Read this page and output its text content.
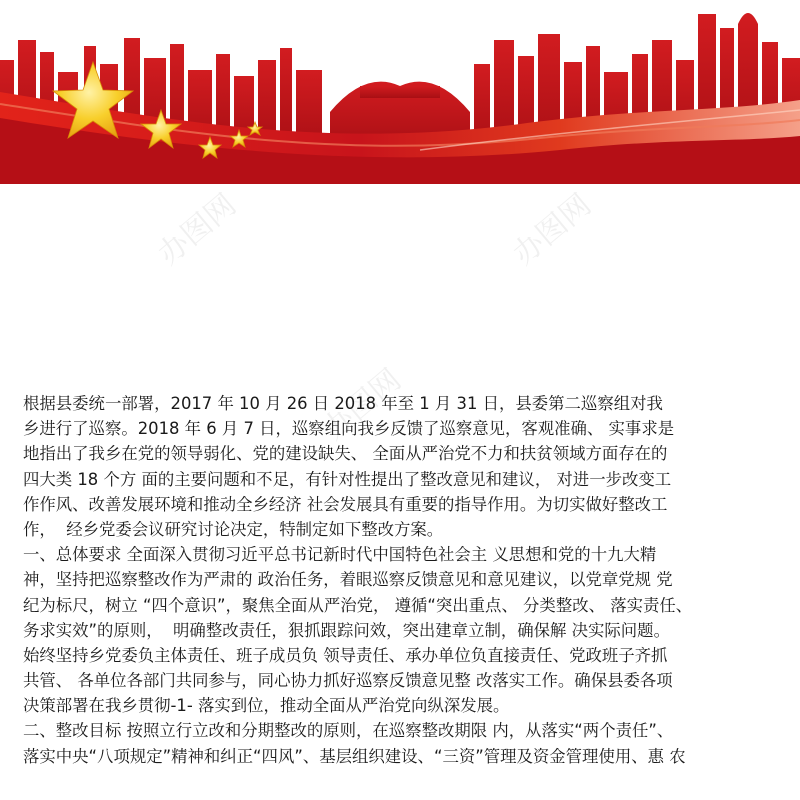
办图网	办图网
办图网
根据县委统一部署，2017 年 10 月 26 日 2018 年至 1 月 31 日，县委第二巡察组对我
乡进行了巡察。2018 年 6 月 7 日，巡察组向我乡反馈了巡察意见，客观准确、 实事求是
地指出了我乡在党的领导弱化、党的建设缺失、 全面从严治党不力和扶贫领域方面存在的
四大类 18 个方 面的主要问题和不足，有针对性提出了整改意见和建议， 对进一步改变工
作作风、改善发展环境和推动全乡经济 社会发展具有重要的指导作用。为切实做好整改工
作，  经乡党委会议研究讨论决定，特制定如下整改方案。
一、总体要求 全面深入贯彻习近平总书记新时代中国特色社会主 义思想和党的十九大精
神，坚持把巡察整改作为严肃的 政治任务，着眼巡察反馈意见和意见建议，以党章党规 党
纪为标尺，树立 “四个意识”，聚焦全面从严治党， 遵循“突出重点、 分类整改、 落实责任、
务求实效”的原则，  明确整改责任，狠抓跟踪问效，突出建章立制，确保解 决实际问题。
始终坚持乡党委负主体责任、班子成员负 领导责任、承办单位负直接责任、党政班子齐抓
共管、 各单位各部门共同参与，同心协力抓好巡察反馈意见整 改落实工作。确保县委各项
决策部署在我乡贯彻-1- 落实到位，推动全面从严治党向纵深发展。
二、整改目标 按照立行立改和分期整改的原则，在巡察整改期限 内，从落实“两个责任”、
落实中央“八项规定”精神和纠正“四风”、基层组织建设、“三资”管理及资金管理使用、惠 农
